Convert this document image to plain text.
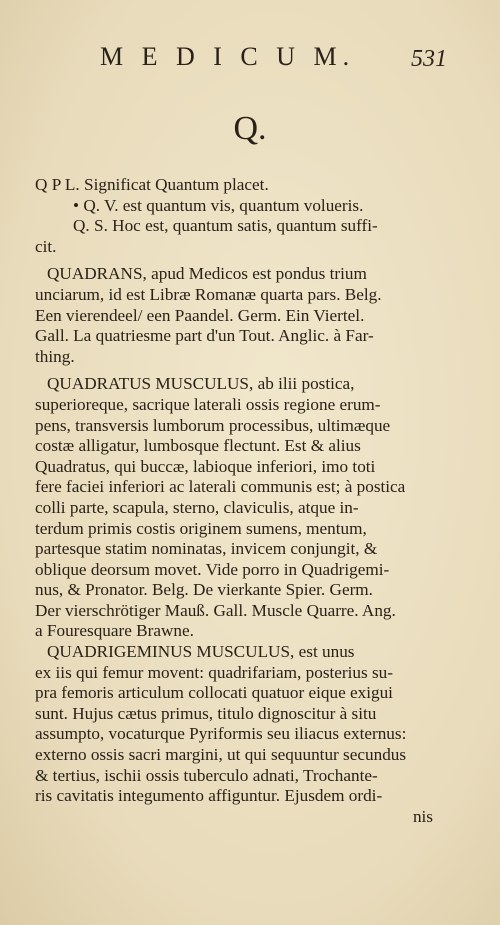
M E D I C U M. 531
Q.
Q P L. Significat Quantum placet.
• Q. V. est quantum vis, quantum volueris.
Q. S. Hoc est, quantum satis, quantum suffi-
cit.
QUADRANS, apud Medicos est pondus trium
unciarum, id est Libræ Romanæ quarta pars. Belg.
Een vierendeel/ een Paandel. Germ. Ein Viertel.
Gall. La quatriesme part d'un Tout. Anglic. à Far-
thing.
QUADRATUS MUSCULUS, ab ilii postica,
superioreque, sacrique laterali ossis regione erum-
pens, transversis lumborum processibus, ultimæque
costæ alligatur, lumbosque flectunt. Est & alius
Quadratus, qui buccæ, labioque inferiori, imo toti
fere faciei inferiori ac laterali communis est; à postica
colli parte, scapula, sterno, claviculis, atque in-
terdum primis costis originem sumens, mentum,
partesque statim nominatas, invicem conjungit, &
oblique deorsum movet. Vide porro in Quadrigemi-
nus, & Pronator. Belg. De vierkante Spier. Germ.
Der vierschrötiger Mauß. Gall. Muscle Quarre. Ang.
a Fouresquare Brawne.
QUADRIGEMINUS MUSCULUS, est unus
ex iis qui femur movent: quadrifariam, posterius su-
pra femoris articulum collocati quatuor eique exigui
sunt. Hujus cætus primus, titulo dignoscitur à situ
assumpto, vocaturque Pyriformis seu iliacus externus:
externo ossis sacri margini, ut qui sequuntur secundus
& tertius, ischii ossis tuberculo adnati, Trochante-
ris cavitatis integumento affiguntur. Ejusdem ordi-
nis
